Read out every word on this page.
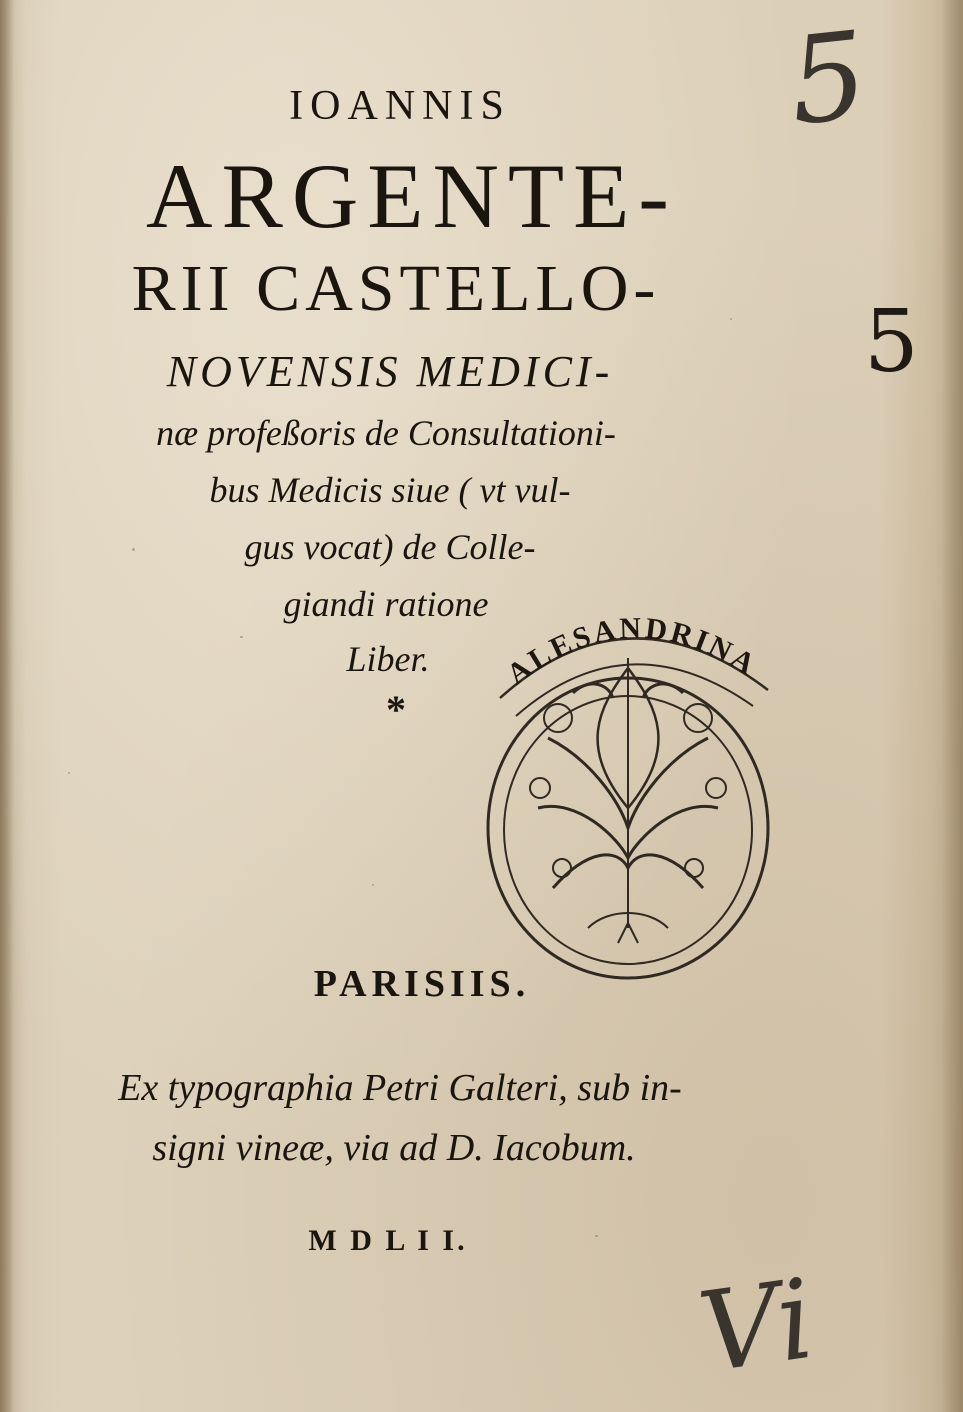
IOANNIS
ARGENTE-
RII CASTELLO-
NOVENSIS MEDICI-
næ profeßoris de Consultationi-
bus Medicis siue ( vt vul-
gus vocat) de Colle-
giandi ratione
Liber.
*
ALESANDRINA
PARISIIS.
Ex typographia Petri Galteri, sub in-
signi vineæ, via ad D. Iacobum.
M D L I I.
5
5
Vi
